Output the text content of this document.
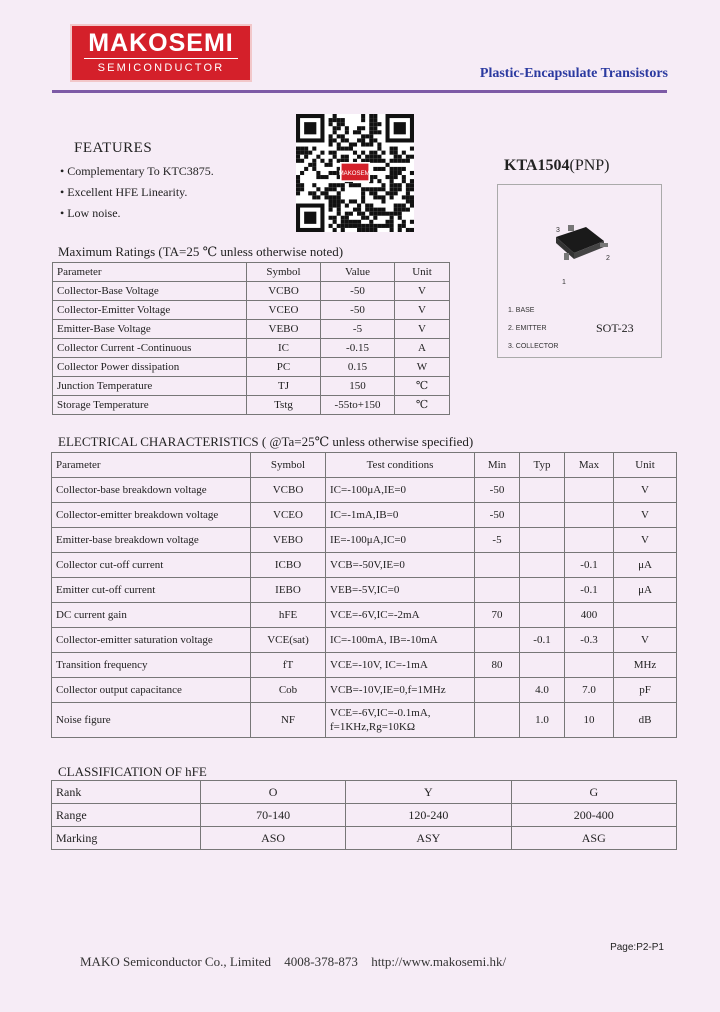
MAKOSEMI
SEMICONDUCTOR	Plastic-Encapsulate Transistors
MAKOSEMI
FEATURES
• Complementary To KTC3875.
• Excellent HFE Linearity.
• Low noise.
KTA1504(PNP)
3
2
1
1. BASE
2. EMITTER
3. COLLECTOR
SOT-23
Maximum Ratings (TA=25 ℃ unless otherwise noted)
Parameter	Symbol	Value	Unit
Collector-Base Voltage	VCBO	-50	V
Collector-Emitter Voltage	VCEO	-50	V
Emitter-Base Voltage	VEBO	-5	V
Collector Current -Continuous	IC	-0.15	A
Collector Power dissipation	PC	0.15	W
Junction Temperature	TJ	150	℃
Storage Temperature	Tstg	-55to+150	℃
ELECTRICAL CHARACTERISTICS ( @Ta=25℃ unless otherwise specified)
Parameter	Symbol	Test conditions	Min	Typ	Max	Unit
Collector-base breakdown voltage	VCBO	IC=-100μA,IE=0	-50			V
Collector-emitter breakdown voltage	VCEO	IC=-1mA,IB=0	-50			V
Emitter-base breakdown voltage	VEBO	IE=-100μA,IC=0	-5			V
Collector cut-off current	ICBO	VCB=-50V,IE=0			-0.1	μA
Emitter cut-off current	IEBO	VEB=-5V,IC=0			-0.1	μA
DC current gain	hFE	VCE=-6V,IC=-2mA	70		400	
Collector-emitter saturation voltage	VCE(sat)	IC=-100mA, IB=-10mA		-0.1	-0.3	V
Transition frequency	fT	VCE=-10V, IC=-1mA	80			MHz
Collector output capacitance	Cob	VCB=-10V,IE=0,f=1MHz		4.0	7.0	pF
Noise figure	NF	VCE=-6V,IC=-0.1mA,
f=1KHz,Rg=10KΩ		1.0	10	dB
CLASSIFICATION OF hFE
Rank	O	Y	G
Range	70-140	120-240	200-400
Marking	ASO	ASY	ASG
Page:P2-P1
MAKO Semiconductor Co., Limited 4008-378-873 http://www.makosemi.hk/
